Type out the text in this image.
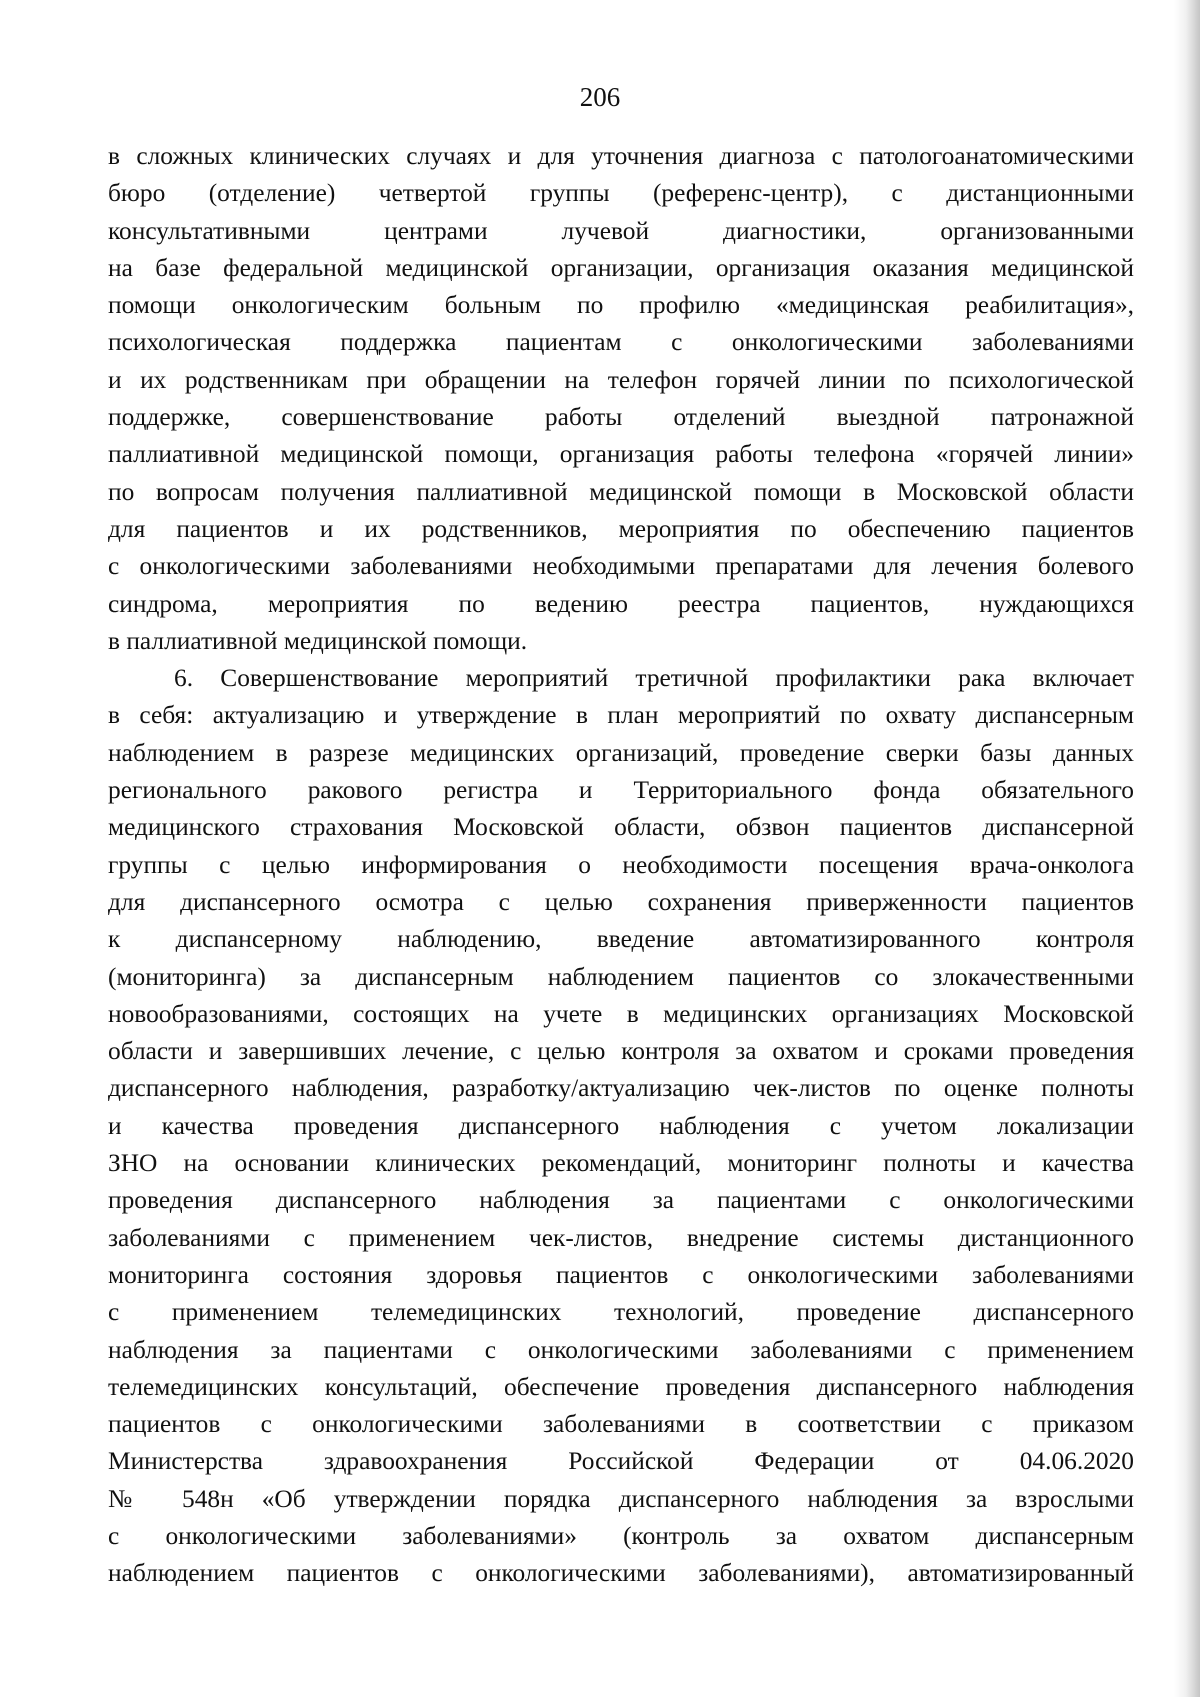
206
в сложных клинических случаях и для уточнения диагноза с патологоанатомическими
бюро (отделение) четвертой группы (референс-центр), с дистанционными
консультативными центрами лучевой диагностики, организованными
на базе федеральной медицинской организации, организация оказания медицинской
помощи онкологическим больным по профилю «медицинская реабилитация»,
психологическая поддержка пациентам с онкологическими заболеваниями
и их родственникам при обращении на телефон горячей линии по психологической
поддержке, совершенствование работы отделений выездной патронажной
паллиативной медицинской помощи, организация работы телефона «горячей линии»
по вопросам получения паллиативной медицинской помощи в Московской области
для пациентов и их родственников, мероприятия по обеспечению пациентов
с онкологическими заболеваниями необходимыми препаратами для лечения болевого
синдрома, мероприятия по ведению реестра пациентов, нуждающихся
в паллиативной медицинской помощи.
6. Совершенствование мероприятий третичной профилактики рака включает
в себя: актуализацию и утверждение в план мероприятий по охвату диспансерным
наблюдением в разрезе медицинских организаций, проведение сверки базы данных
регионального ракового регистра и Территориального фонда обязательного
медицинского страхования Московской области, обзвон пациентов диспансерной
группы с целью информирования о необходимости посещения врача-онколога
для диспансерного осмотра с целью сохранения приверженности пациентов
к диспансерному наблюдению, введение автоматизированного контроля
(мониторинга) за диспансерным наблюдением пациентов со злокачественными
новообразованиями, состоящих на учете в медицинских организациях Московской
области и завершивших лечение, с целью контроля за охватом и сроками проведения
диспансерного наблюдения, разработку/актуализацию чек-листов по оценке полноты
и качества проведения диспансерного наблюдения с учетом локализации
ЗНО на основании клинических рекомендаций, мониторинг полноты и качества
проведения диспансерного наблюдения за пациентами с онкологическими
заболеваниями с применением чек-листов, внедрение системы дистанционного
мониторинга состояния здоровья пациентов с онкологическими заболеваниями
с применением телемедицинских технологий, проведение диспансерного
наблюдения за пациентами с онкологическими заболеваниями с применением
телемедицинских консультаций, обеспечение проведения диспансерного наблюдения
пациентов с онкологическими заболеваниями в соответствии с приказом
Министерства здравоохранения Российской Федерации от 04.06.2020
№ 548н «Об утверждении порядка диспансерного наблюдения за взрослыми
с онкологическими заболеваниями» (контроль за охватом диспансерным
наблюдением пациентов с онкологическими заболеваниями), автоматизированный
